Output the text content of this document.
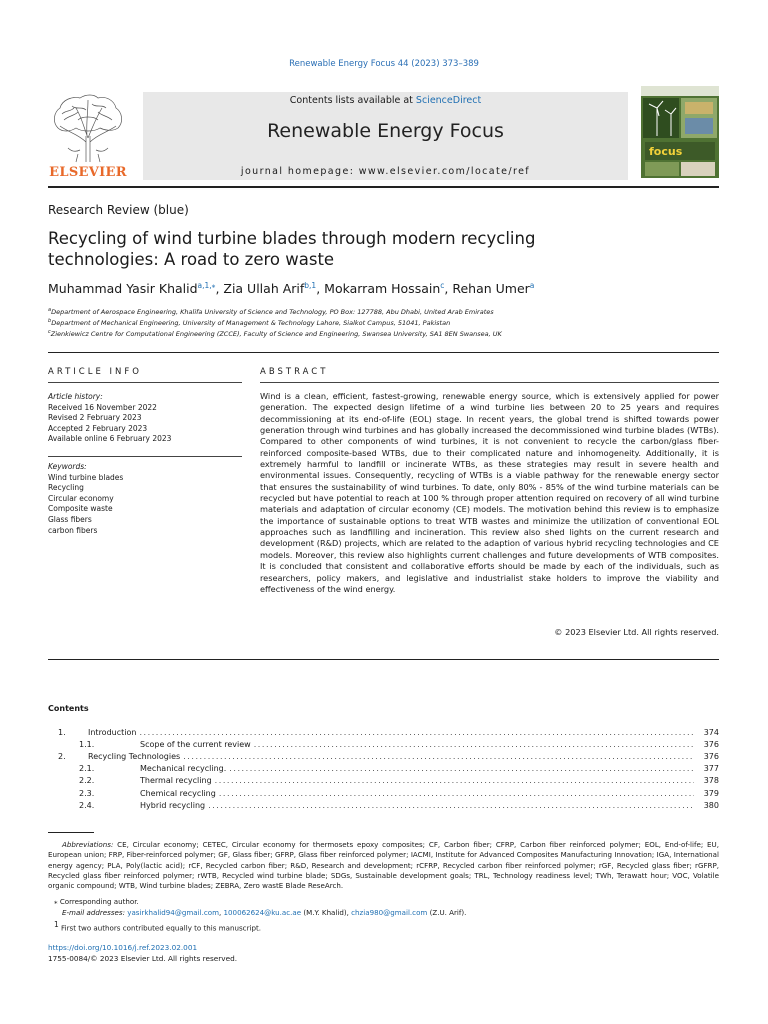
Renewable Energy Focus 44 (2023) 373–389
ELSEVIER
Contents lists available at ScienceDirect
Renewable Energy Focus
journal homepage: www.elsevier.com/locate/ref
focus
Research Review (blue)
Recycling of wind turbine blades through modern recycling technologies: A road to zero waste
Muhammad Yasir Khalid$^{a,1,⁎}$, Zia Ullah Arif$^{b,1}$, Mokarram Hossain$^c$, Rehan Umer$^a$
$^a$Department of Aerospace Engineering, Khalifa University of Science and Technology, PO Box: 127788, Abu Dhabi, United Arab Emirates
$^b$Department of Mechanical Engineering, University of Management & Technology Lahore, Sialkot Campus, 51041, Pakistan
$^c$Zienkiewicz Centre for Computational Engineering (ZCCE), Faculty of Science and Engineering, Swansea University, SA1 8EN Swansea, UK
ARTICLE INFO
Article history:
Received 16 November 2022
Revised 2 February 2023
Accepted 2 February 2023
Available online 6 February 2023
Keywords:
Wind turbine blades
Recycling
Circular economy
Composite waste
Glass fibers
carbon fibers
ABSTRACT
Wind is a clean, efficient, fastest-growing, renewable energy source, which is extensively applied for power generation. The expected design lifetime of a wind turbine lies between 20 to 25 years and requires decommissioning at its end-of-life (EOL) stage. In recent years, the global trend is shifted towards power generation through wind turbines and has globally increased the decommissioned wind turbine blades (WTBs). Compared to other components of wind turbines, it is not convenient to recycle the carbon/glass fiber-reinforced composite-based WTBs, due to their complicated nature and inhomogeneity. Additionally, it is extremely harmful to landfill or incinerate WTBs, as these strategies may result in severe health and environmental issues. Consequently, recycling of WTBs is a viable pathway for the renewable energy sector that ensures the sustainability of wind turbines. To date, only 80% - 85% of the wind turbine materials can be recycled but have potential to reach at 100 % through proper attention required on recovery of all wind turbine materials and adaptation of circular economy (CE) models. The motivation behind this review is to emphasize the importance of sustainable options to treat WTB wastes and minimize the utilization of conventional EOL approaches such as landfilling and incineration. This review also shed lights on the current research and development (R&D) projects, which are related to the adaption of various hybrid recycling technologies and CE models. Moreover, this review also highlights current challenges and future developments of WTB composites. It is concluded that consistent and collaborative efforts should be made by each of the individuals, such as researchers, policy makers, and legislative and industrialist stake holders to improve the viability and effectiveness of the wind energy.
© 2023 Elsevier Ltd. All rights reserved.
Contents
1.	Introduction . . .	374
1.1.	Scope of the current review . . .	376
2.	Recycling Technologies . . .	376
2.1.	Mechanical recycling. . . .	377
2.2.	Thermal recycling . . .	378
2.3.	Chemical recycling . . .	379
2.4.	Hybrid recycling . . .	380
Abbreviations: CE, Circular economy; CETEC, Circular economy for thermosets epoxy composites; CF, Carbon fiber; CFRP, Carbon fiber reinforced polymer; EOL, End-of-life; EU, European union; FRP, Fiber-reinforced polymer; GF, Glass fiber; GFRP, Glass fiber reinforced polymer; IACMI, Institute for Advanced Composites Manufacturing Innovation; IGA, International energy agency; PLA, Poly(lactic acid); rCF, Recycled carbon fiber; R&D, Research and development; rCFRP, Recycled carbon fiber reinforced polymer; rGF, Recycled glass fiber; rGFRP, Recycled glass fiber reinforced polymer; rWTB, Recycled wind turbine blade; SDGs, Sustainable development goals; TRL, Technology readiness level; TWh, Terawatt hour; VOC, Volatile organic compound; WTB, Wind turbine blades; ZEBRA, Zero wastE Blade ReseArch.
⁎ Corresponding author.
E-mail addresses: yasirkhalid94@gmail.com, 100062624@ku.ac.ae (M.Y. Khalid), chzia980@gmail.com (Z.U. Arif).
$^1$ First two authors contributed equally to this manuscript.
https://doi.org/10.1016/j.ref.2023.02.001
1755-0084/© 2023 Elsevier Ltd. All rights reserved.
